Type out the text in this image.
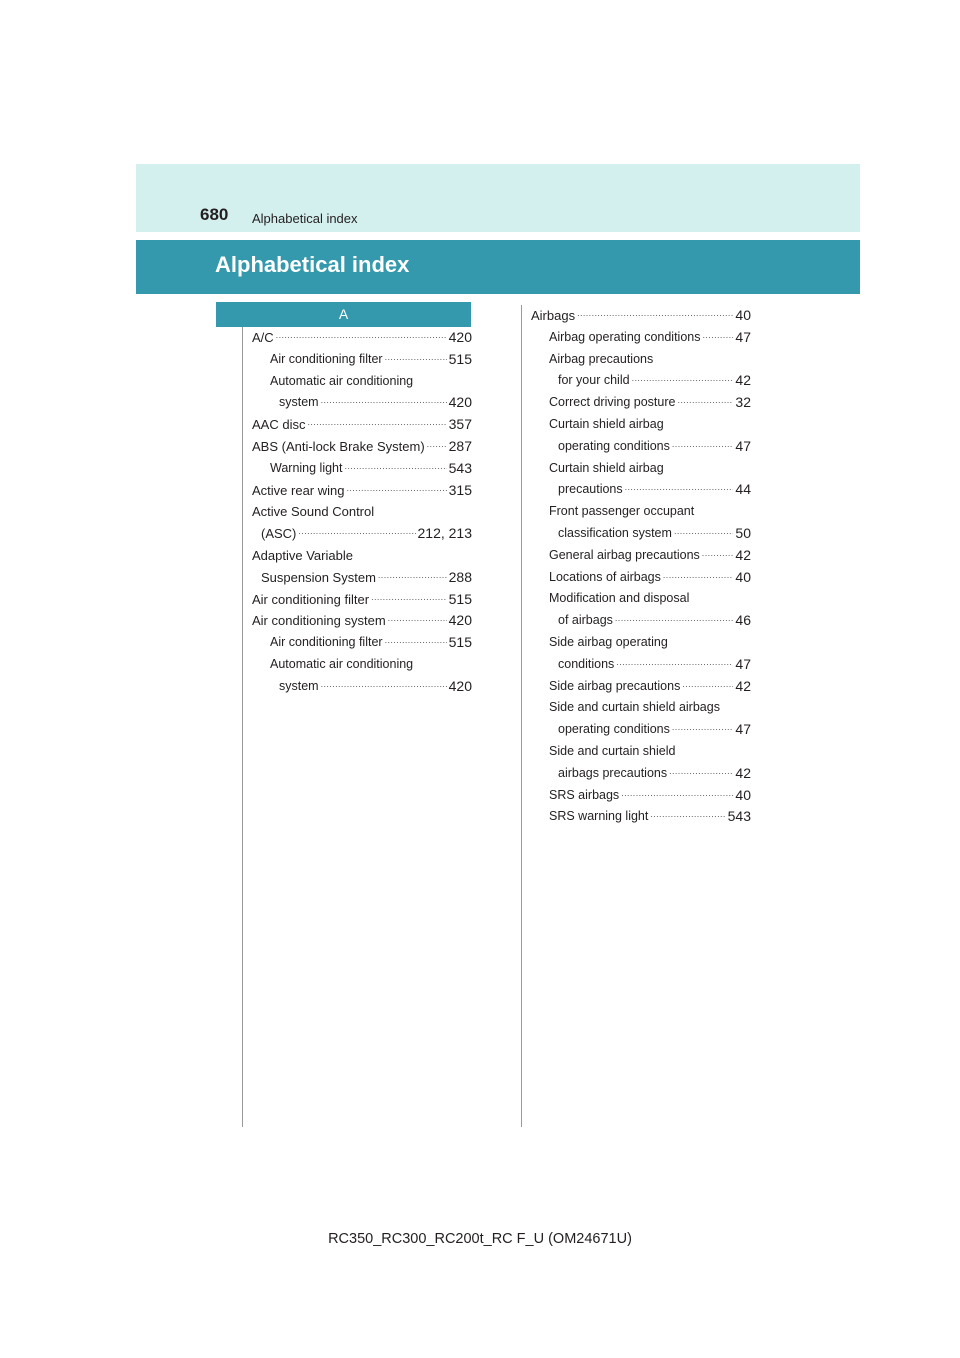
680 Alphabetical index
Alphabetical index
A
A/C .....	420
Air conditioning filter .....	515
Automatic air conditioning
system .....	420
AAC disc .....	357
ABS (Anti-lock Brake System) ..... 287
Warning light .....	543
Active rear wing .....	315
Active Sound Control
(ASC) .....	212, 213
Adaptive Variable
Suspension System .....	288
Air conditioning filter .....	515
Air conditioning system .....	420
Air conditioning filter .....	515
Automatic air conditioning
system .....	420
Airbags .....	40
Airbag operating conditions ..... 47
Airbag precautions
for your child .....	42
Correct driving posture .....	32
Curtain shield airbag
operating conditions .....	47
Curtain shield airbag
precautions .....	44
Front passenger occupant
classification system .....	50
General airbag precautions .....	42
Locations of airbags .....	40
Modification and disposal
of airbags .....	46
Side airbag operating
conditions .....	47
Side airbag precautions .....	42
Side and curtain shield airbags
operating conditions .....	47
Side and curtain shield
airbags precautions .....	42
SRS airbags .....	40
SRS warning light .....	543
RC350_RC300_RC200t_RC F_U (OM24671U)
